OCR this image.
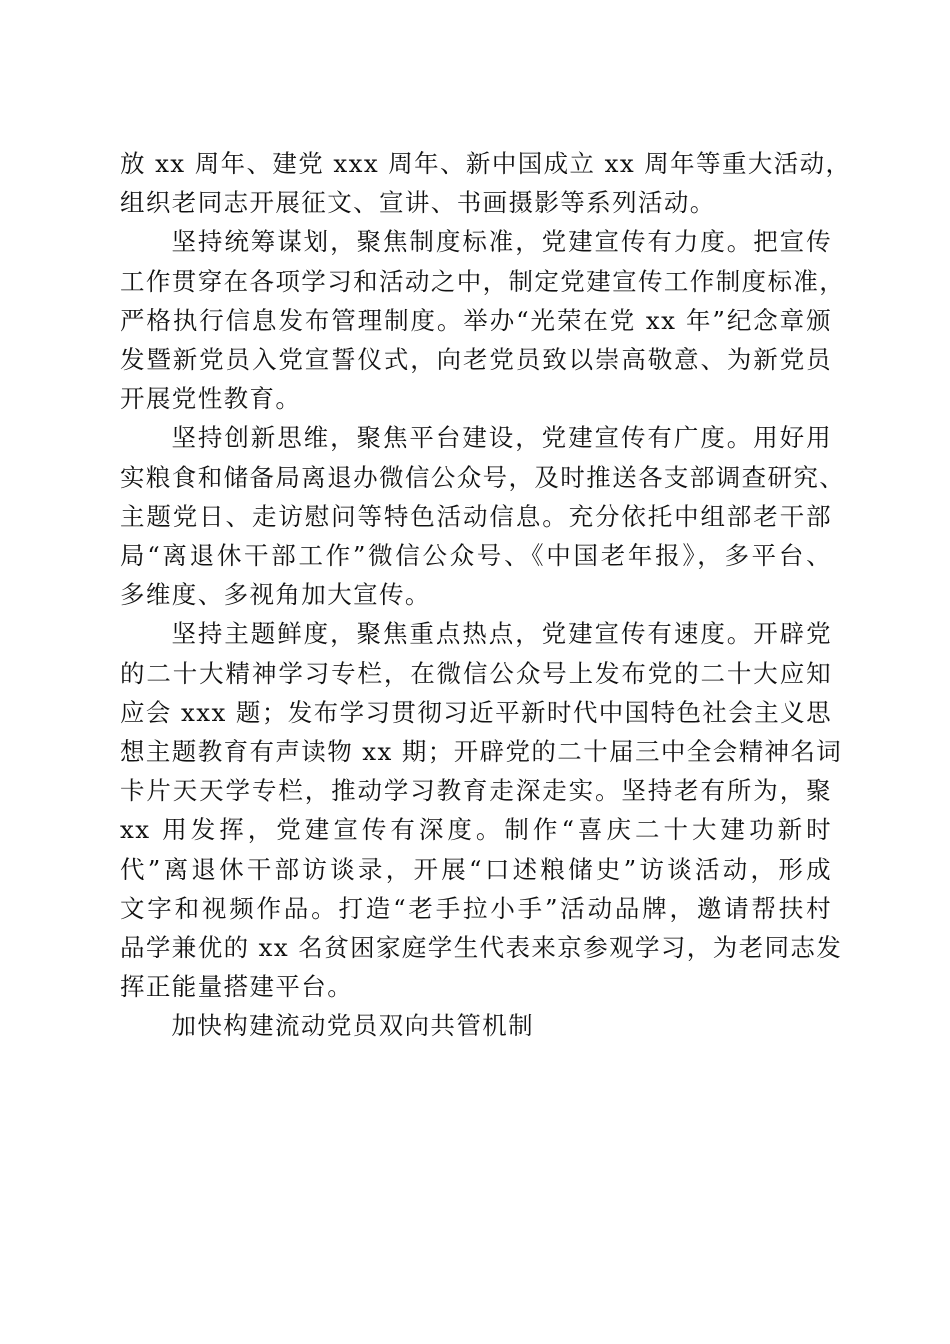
放 xx 周年、建党 xxx 周年、新中国成立 xx 周年等重大活动，
组织老同志开展征文、宣讲、书画摄影等系列活动。

坚持统筹谋划，聚焦制度标准，党建宣传有力度。把宣传
工作贯穿在各项学习和活动之中，制定党建宣传工作制度标准，
严格执行信息发布管理制度。举办“光荣在党 xx 年”纪念章颁
发暨新党员入党宣誓仪式，向老党员致以崇高敬意、为新党员
开展党性教育。

坚持创新思维，聚焦平台建设，党建宣传有广度。用好用
实粮食和储备局离退办微信公众号，及时推送各支部调查研究、
主题党日、走访慰问等特色活动信息。充分依托中组部老干部
局“离退休干部工作”微信公众号、《中国老年报》，多平台、
多维度、多视角加大宣传。

坚持主题鲜度，聚焦重点热点，党建宣传有速度。开辟党
的二十大精神学习专栏，在微信公众号上发布党的二十大应知
应会 xxx 题；发布学习贯彻习近平新时代中国特色社会主义思
想主题教育有声读物 xx 期；开辟党的二十届三中全会精神名词
卡片天天学专栏，推动学习教育走深走实。坚持老有所为，聚
xx 用发挥，党建宣传有深度。制作“喜庆二十大建功新时
代”离退休干部访谈录，开展“口述粮储史”访谈活动，形成
文字和视频作品。打造“老手拉小手”活动品牌，邀请帮扶村
品学兼优的 xx 名贫困家庭学生代表来京参观学习，为老同志发
挥正能量搭建平台。

加快构建流动党员双向共管机制
